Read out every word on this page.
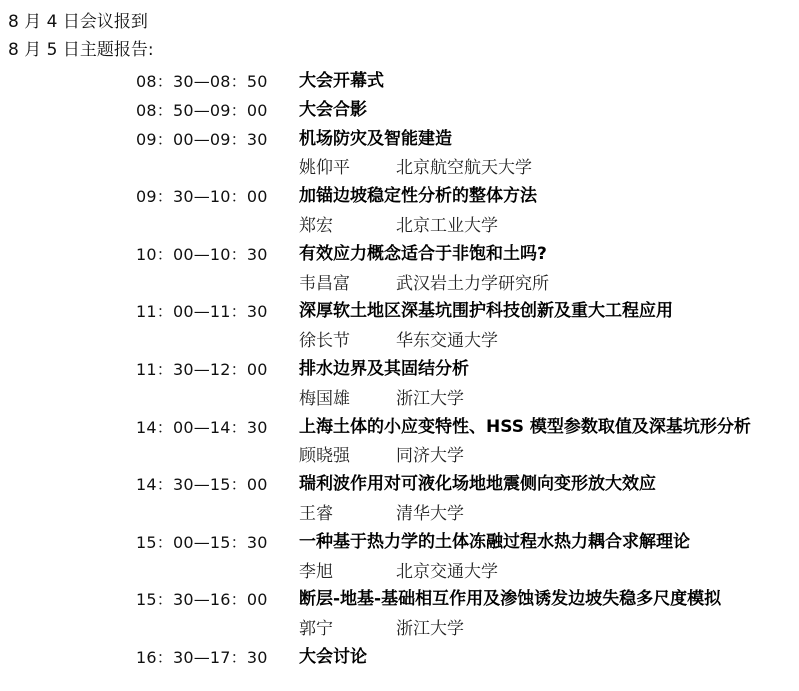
8 月 4 日会议报到
8 月 5 日主题报告:
08：30—08：50 大会开幕式
08：50—09：00 大会合影
09：00—09：30 机场防灾及智能建造
姚仰平	北京航空航天大学
09：30—10：00 加锚边坡稳定性分析的整体方法
郑宏	北京工业大学
10：00—10：30 有效应力概念适合于非饱和土吗?
韦昌富	武汉岩土力学研究所
11：00—11：30 深厚软土地区深基坑围护科技创新及重大工程应用
徐长节	华东交通大学
11：30—12：00 排水边界及其固结分析
梅国雄	浙江大学
14：00—14：30 上海土体的小应变特性、HSS 模型参数取值及深基坑形分析
顾晓强	同济大学
14：30—15：00 瑞利波作用对可液化场地地震侧向变形放大效应
王睿	清华大学
15：00—15：30 一种基于热力学的土体冻融过程水热力耦合求解理论
李旭	北京交通大学
15：30—16：00 断层-地基-基础相互作用及渗蚀诱发边坡失稳多尺度模拟
郭宁	浙江大学
16：30—17：30 大会讨论
